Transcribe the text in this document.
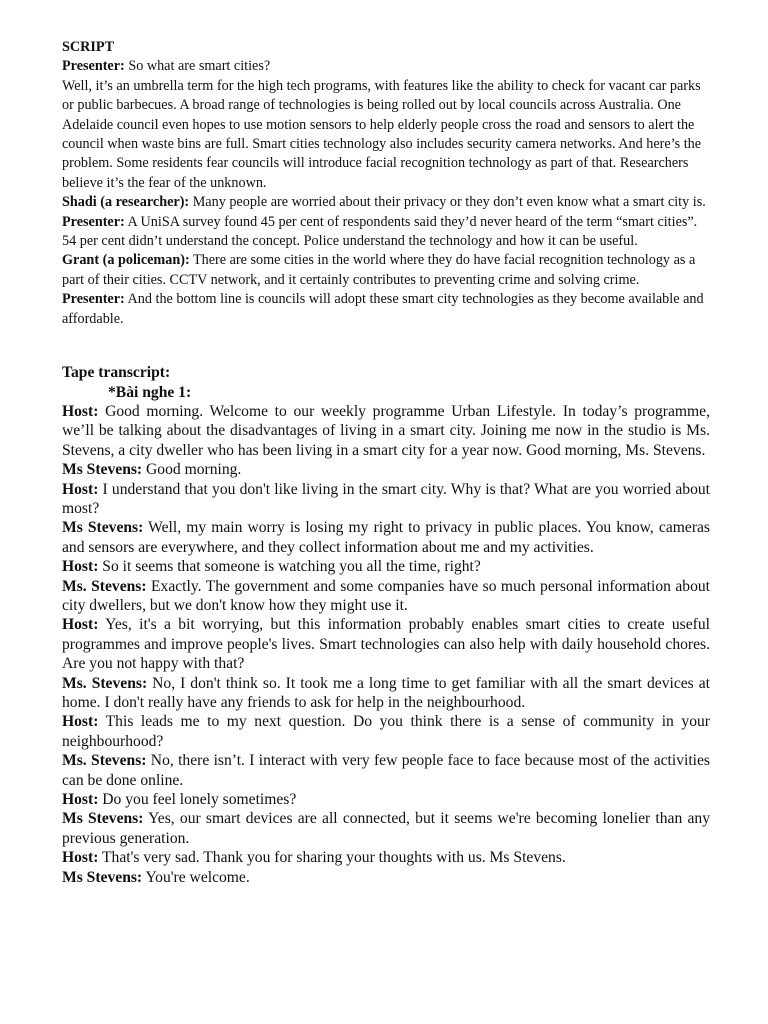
SCRIPT

Presenter: So what are smart cities?
Well, it’s an umbrella term for the high tech programs, with features like the ability to check for vacant car parks or public barbecues. A broad range of technologies is being rolled out by local councils across Australia. One Adelaide council even hopes to use motion sensors to help elderly people cross the road and sensors to alert the council when waste bins are full. Smart cities technology also includes security camera networks. And here’s the problem. Some residents fear councils will introduce facial recognition technology as part of that. Researchers believe it’s the fear of the unknown.

Shadi (a researcher): Many people are worried about their privacy or they don’t even know what a smart city is.

Presenter: A UniSA survey found 45 per cent of respondents said they’d never heard of the term “smart cities”. 54 per cent didn’t understand the concept. Police understand the technology and how it can be useful.

Grant (a policeman): There are some cities in the world where they do have facial recognition technology as a part of their cities. CCTV network, and it certainly contributes to preventing crime and solving crime.

Presenter: And the bottom line is councils will adopt these smart city technologies as they become available and affordable.

Tape transcript:

*Bài nghe 1:

Host: Good morning. Welcome to our weekly programme Urban Lifestyle. In today’s programme, we’ll be talking about the disadvantages of living in a smart city. Joining me now in the studio is Ms. Stevens, a city dweller who has been living in a smart city for a year now. Good morning, Ms. Stevens.

Ms Stevens: Good morning.

Host: I understand that you don't like living in the smart city. Why is that? What are you worried about most?

Ms Stevens: Well, my main worry is losing my right to privacy in public places. You know, cameras and sensors are everywhere, and they collect information about me and my activities.

Host: So it seems that someone is watching you all the time, right?

Ms. Stevens: Exactly. The government and some companies have so much personal information about city dwellers, but we don't know how they might use it.

Host: Yes, it's a bit worrying, but this information probably enables smart cities to create useful programmes and improve people's lives. Smart technologies can also help with daily household chores. Are you not happy with that?

Ms. Stevens: No, I don't think so. It took me a long time to get familiar with all the smart devices at home. I don't really have any friends to ask for help in the neighbourhood.

Host: This leads me to my next question. Do you think there is a sense of community in your neighbourhood?

Ms. Stevens: No, there isn’t. I interact with very few people face to face because most of the activities can be done online.

Host: Do you feel lonely sometimes?

Ms Stevens: Yes, our smart devices are all connected, but it seems we're becoming lonelier than any previous generation.

Host: That's very sad. Thank you for sharing your thoughts with us. Ms Stevens.

Ms Stevens: You're welcome.
